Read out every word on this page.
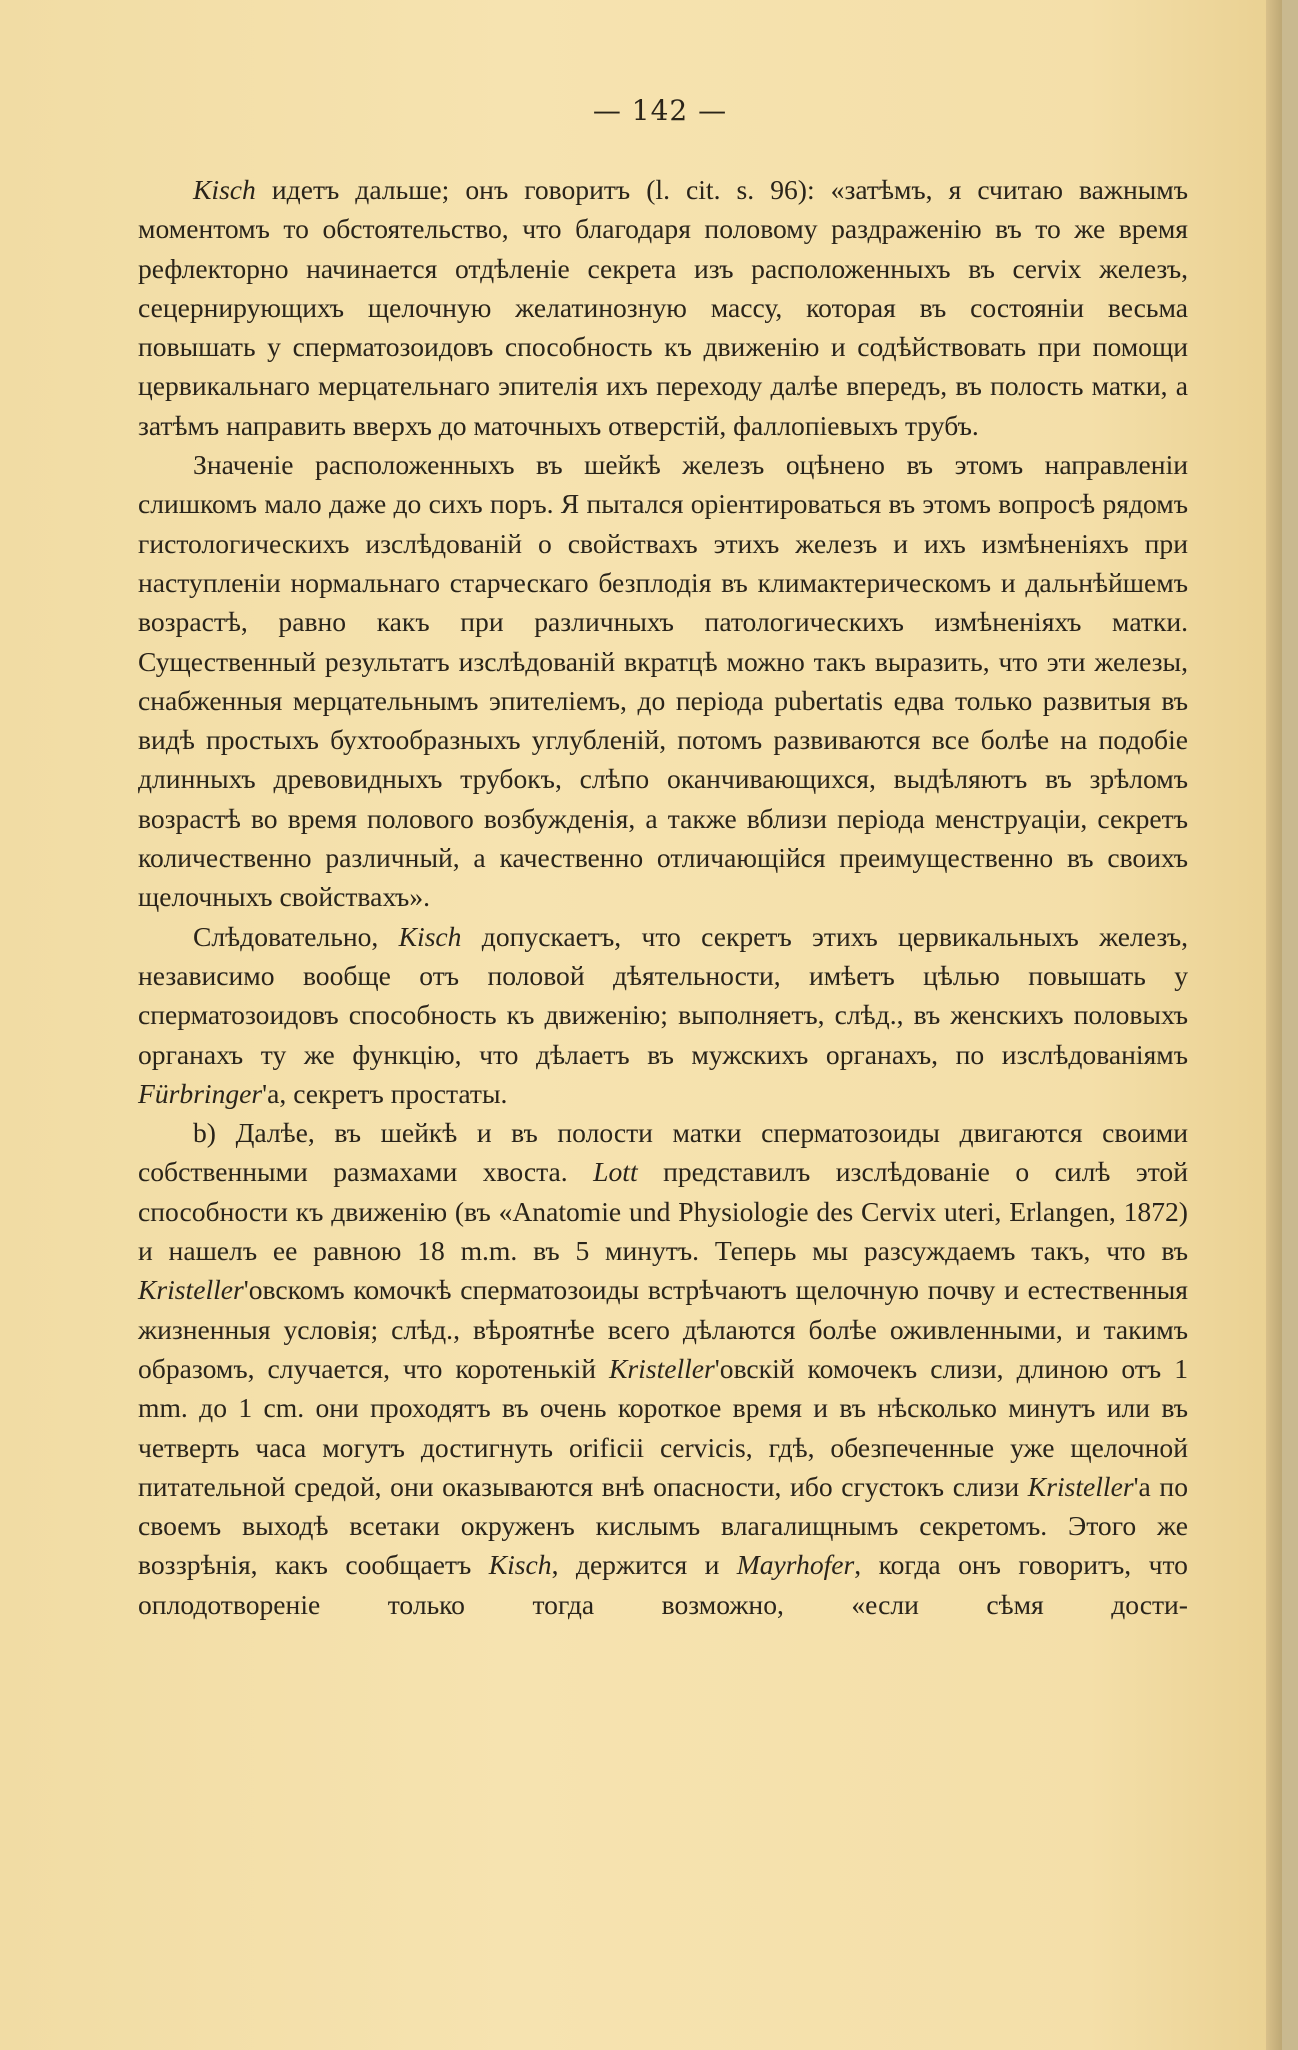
— 142 —

Kisch идетъ дальше; онъ говоритъ (l. cit. s. 96): «затѣмъ, я считаю важнымъ моментомъ то обстоятельство, что благодаря половому раздраженію въ то же время рефлекторно начинается отдѣленіе секрета изъ расположенныхъ въ cervix железъ, сецернирующихъ щелочную желатинозную массу, которая въ состояніи весьма повышать у сперматозоидовъ способность къ движенію и содѣйствовать при помощи цервикальнаго мерцательнаго эпителія ихъ переходу далѣе впередъ, въ полость матки, а затѣмъ направить вверхъ до маточныхъ отверстій, фаллопіевыхъ трубъ.

Значеніе расположенныхъ въ шейкѣ железъ оцѣнено въ этомъ направленіи слишкомъ мало даже до сихъ поръ. Я пытался оріентироваться въ этомъ вопросѣ рядомъ гистологическихъ изслѣдованій о свойствахъ этихъ железъ и ихъ измѣненіяхъ при наступленіи нормальнаго старческаго безплодія въ климактерическомъ и дальнѣйшемъ возрастѣ, равно какъ при различныхъ патологическихъ измѣненіяхъ матки. Существенный результатъ изслѣдованій вкратцѣ можно такъ выразить, что эти железы, снабженныя мерцательнымъ эпителіемъ, до періода pubertatis едва только развитыя въ видѣ простыхъ бухтообразныхъ углубленій, потомъ развиваются все болѣе на подобіе длинныхъ древовидныхъ трубокъ, слѣпо оканчивающихся, выдѣляютъ въ зрѣломъ возрастѣ во время полового возбужденія, а также вблизи періода менструаціи, секретъ количественно различный, а качественно отличающійся преимущественно въ своихъ щелочныхъ свойствахъ».

Слѣдовательно, Kisch допускаетъ, что секретъ этихъ цервикальныхъ железъ, независимо вообще отъ половой дѣятельности, имѣетъ цѣлью повышать у сперматозоидовъ способность къ движенію; выполняетъ, слѣд., въ женскихъ половыхъ органахъ ту же функцію, что дѣлаетъ въ мужскихъ органахъ, по изслѣдованіямъ Fürbringer'а, секретъ простаты.

b) Далѣе, въ шейкѣ и въ полости матки сперматозоиды двигаются своими собственными размахами хвоста. Lott представилъ изслѣдованіе о силѣ этой способности къ движенію (въ «Anatomie und Physiologie des Cervix uteri, Erlangen, 1872) и нашелъ ее равною 18 m.m. въ 5 минутъ. Теперь мы разсуждаемъ такъ, что въ Kristeller'овскомъ комочкѣ сперматозоиды встрѣчаютъ щелочную почву и естественныя жизненныя условія; слѣд., вѣроятнѣе всего дѣлаются болѣе оживленными, и такимъ образомъ, случается, что коротенькій Kristeller'овскій комочекъ слизи, длиною отъ 1 mm. до 1 cm. они проходятъ въ очень короткое время и въ нѣсколько минутъ или въ четверть часа могутъ достигнуть orificii cervicis, гдѣ, обезпеченные уже щелочной питательной средой, они оказываются внѣ опасности, ибо сгустокъ слизи Kristeller'а по своемъ выходѣ всетаки окруженъ кислымъ влагалищнымъ секретомъ. Этого же воззрѣнія, какъ сообщаетъ Kisch, держится и Mayrhofer, когда онъ говоритъ, что оплодотвореніе только тогда возможно, «если сѣмя дости-
